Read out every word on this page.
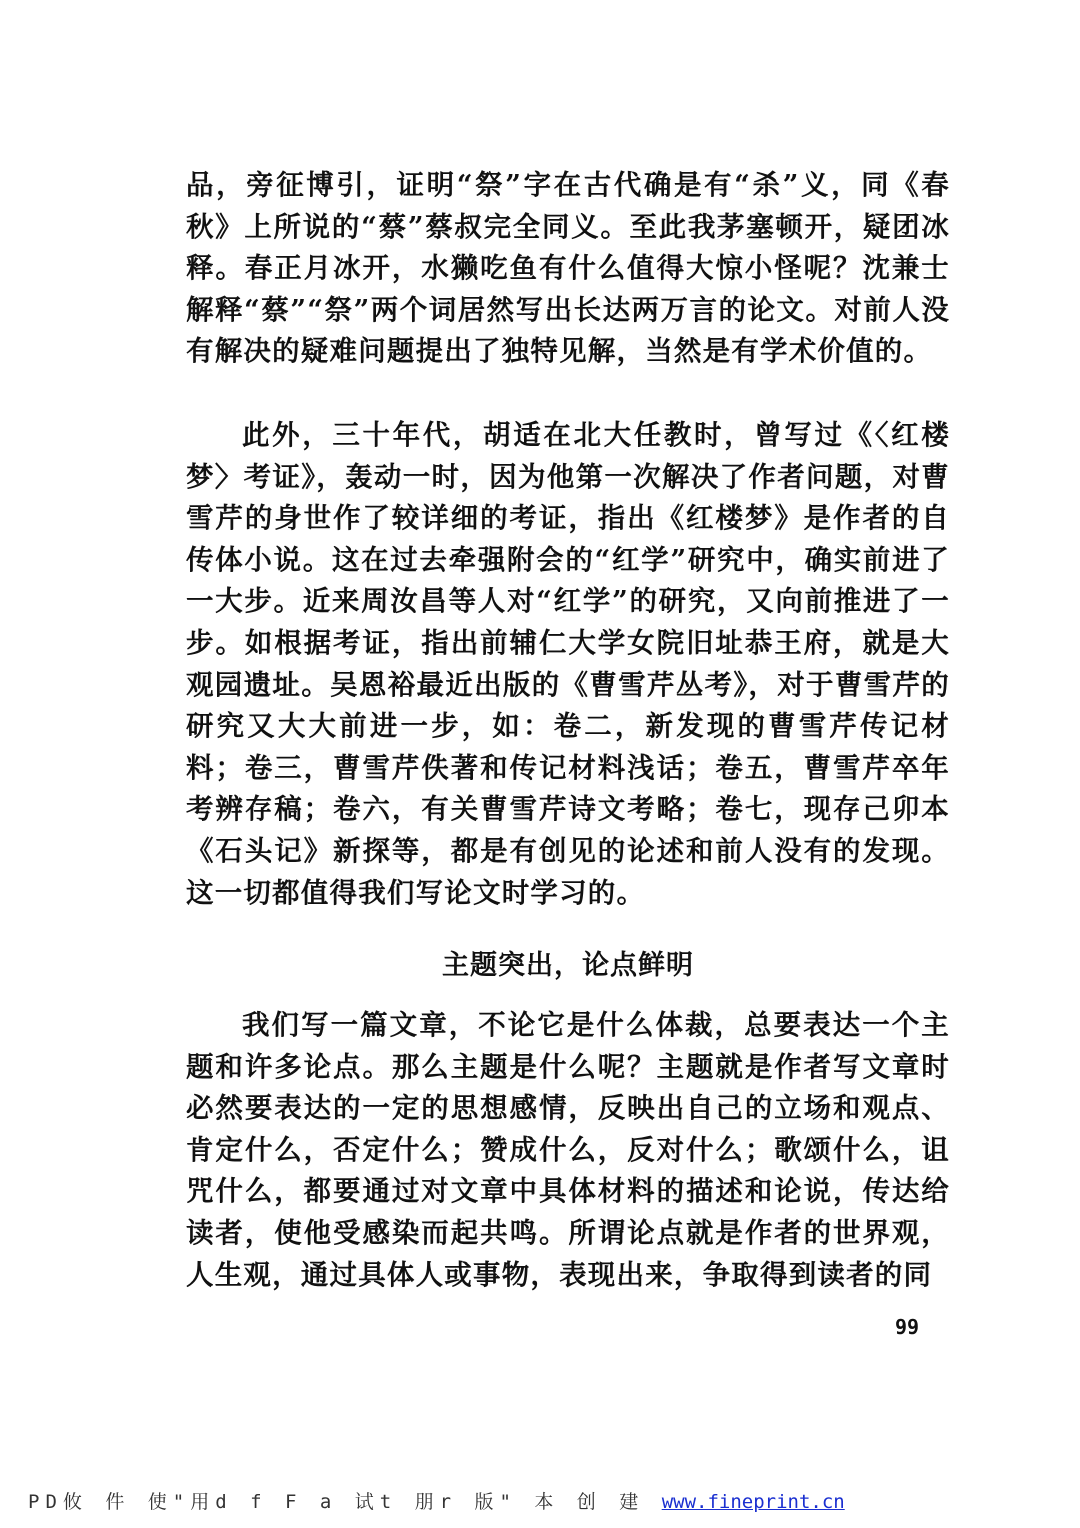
品，旁征博引，证明“祭”字在古代确是有“杀”义，同《春秋》上所说的“蔡”蔡叔完全同义。至此我茅塞顿开，疑团冰释。春正月冰开，水獭吃鱼有什么值得大惊小怪呢？沈兼士解释“蔡”“祭”两个词居然写出长达两万言的论文。对前人没有解决的疑难问题提出了独特见解，当然是有学术价值的。

此外，三十年代，胡适在北大任教时，曾写过《〈红楼梦〉考证》，轰动一时，因为他第一次解决了作者问题，对曹雪芹的身世作了较详细的考证，指出《红楼梦》是作者的自传体小说。这在过去牵强附会的“红学”研究中，确实前进了一大步。近来周汝昌等人对“红学”的研究，又向前推进了一步。如根据考证，指出前辅仁大学女院旧址恭王府，就是大观园遗址。吴恩裕最近出版的《曹雪芹丛考》，对于曹雪芹的研究又大大前进一步，如：卷二，新发现的曹雪芹传记材料；卷三，曹雪芹佚著和传记材料浅话；卷五，曹雪芹卒年考辨存稿；卷六，有关曹雪芹诗文考略；卷七，现存己卯本《石头记》新探等，都是有创见的论述和前人没有的发现。这一切都值得我们写论文时学习的。

主题突出，论点鲜明

我们写一篇文章，不论它是什么体裁，总要表达一个主题和许多论点。那么主题是什么呢？主题就是作者写文章时必然要表达的一定的思想感情，反映出自己的立场和观点、肯定什么，否定什么；赞成什么，反对什么；歌颂什么，诅咒什么，都要通过对文章中具体材料的描述和论说，传达给读者，使他受感染而起共鸣。所谓论点就是作者的世界观，人生观，通过具体人或事物，表现出来，争取得到读者的同

99
PD攸 件 使"用d f F a 试t 朋r 版" 本 创 建 www.fineprint.cn
